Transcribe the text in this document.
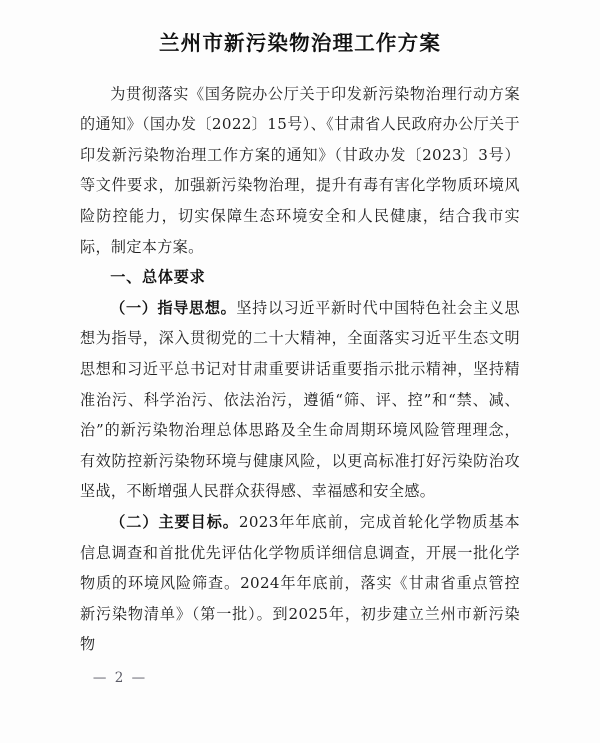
兰州市新污染物治理工作方案

为贯彻落实《国务院办公厅关于印发新污染物治理行动方案的通知》（国办发〔2022〕15号）、《甘肃省人民政府办公厅关于印发新污染物治理工作方案的通知》（甘政办发〔2023〕3号）等文件要求，加强新污染物治理，提升有毒有害化学物质环境风险防控能力，切实保障生态环境安全和人民健康，结合我市实际，制定本方案。

一、总体要求

（一）指导思想。坚持以习近平新时代中国特色社会主义思想为指导，深入贯彻党的二十大精神，全面落实习近平生态文明思想和习近平总书记对甘肃重要讲话重要指示批示精神，坚持精准治污、科学治污、依法治污，遵循“筛、评、控”和“禁、减、治”的新污染物治理总体思路及全生命周期环境风险管理理念，有效防控新污染物环境与健康风险，以更高标准打好污染防治攻坚战，不断增强人民群众获得感、幸福感和安全感。

（二）主要目标。2023年年底前，完成首轮化学物质基本信息调查和首批优先评估化学物质详细信息调查，开展一批化学物质的环境风险筛查。2024年年底前，落实《甘肃省重点管控新污染物清单》（第一批）。到2025年，初步建立兰州市新污染物

— 2 —
